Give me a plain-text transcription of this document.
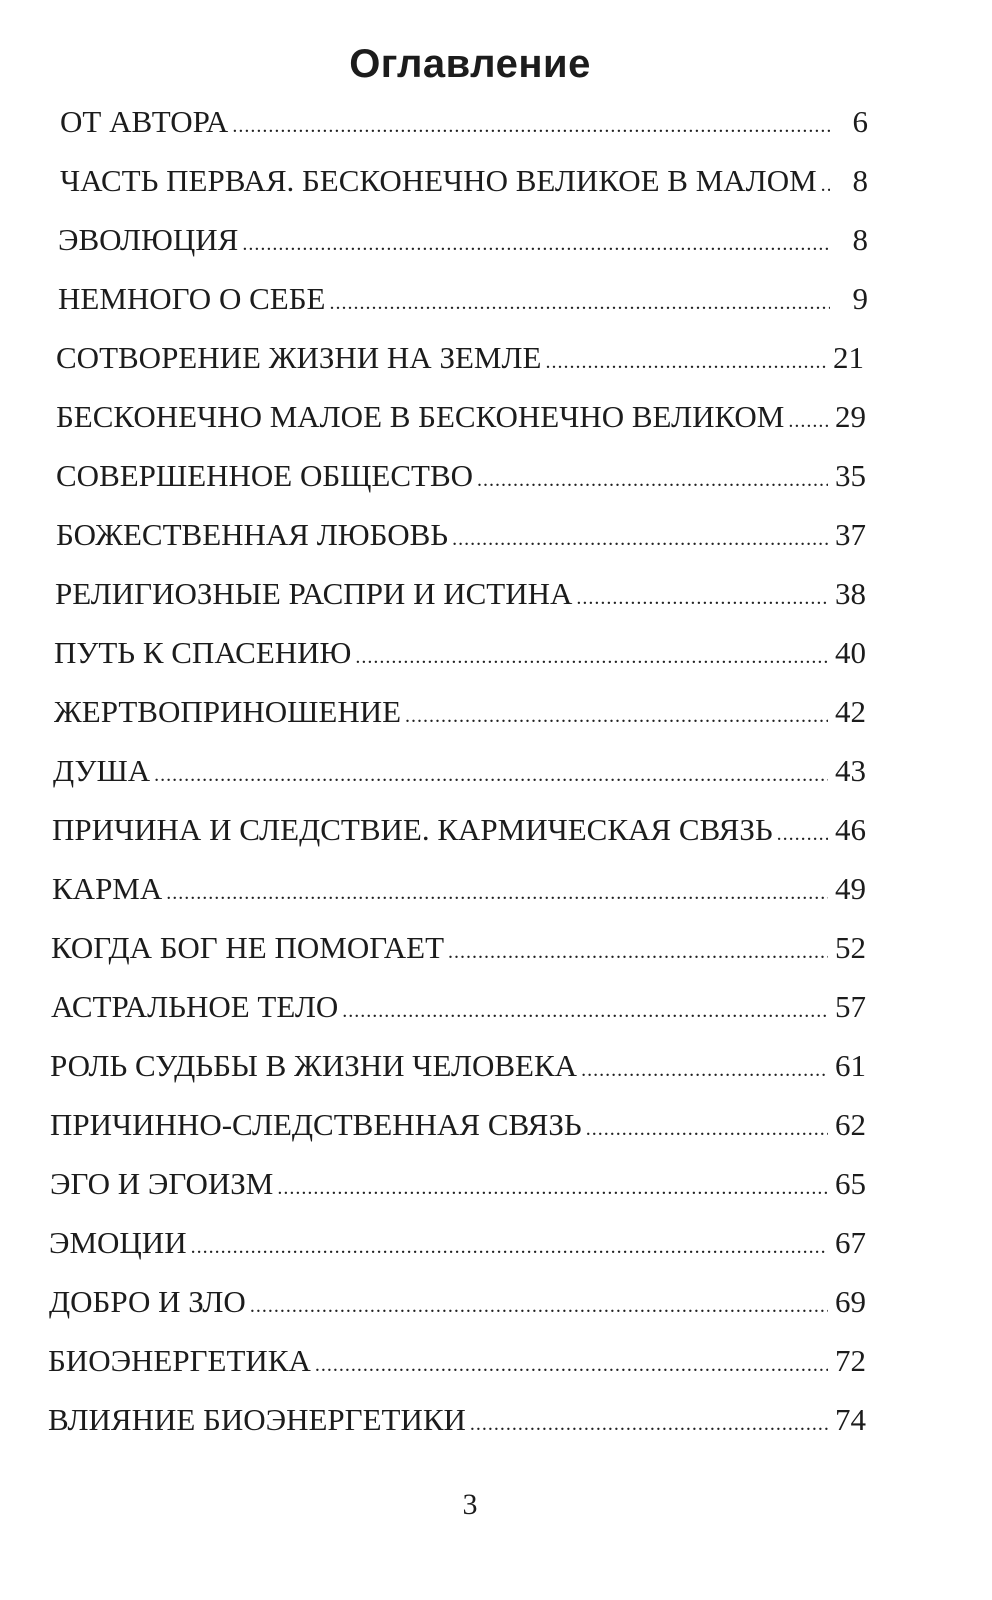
Оглавление
ОТ АВТОРА .....	6
ЧАСТЬ ПЕРВАЯ. БЕСКОНЕЧНО ВЕЛИКОЕ В МАЛОМ .....	8
ЭВОЛЮЦИЯ .....	8
НЕМНОГО О СЕБЕ .....	9
СОТВОРЕНИЕ ЖИЗНИ НА ЗЕМЛЕ .....	21
БЕСКОНЕЧНО МАЛОЕ В БЕСКОНЕЧНО ВЕЛИКОМ ..... 29
СОВЕРШЕННОЕ ОБЩЕСТВО .....	35
БОЖЕСТВЕННАЯ ЛЮБОВЬ .....	37
РЕЛИГИОЗНЫЕ РАСПРИ И ИСТИНА .....	38
ПУТЬ К СПАСЕНИЮ .....	40
ЖЕРТВОПРИНОШЕНИЕ .....	42
ДУША .....	43
ПРИЧИНА И СЛЕДСТВИЕ. КАРМИЧЕСКАЯ СВЯЗЬ ..... 46
КАРМА .....	49
КОГДА БОГ НЕ ПОМОГАЕТ .....	52
АСТРАЛЬНОЕ ТЕЛО .....	57
РОЛЬ СУДЬБЫ В ЖИЗНИ ЧЕЛОВЕКА .....	61
ПРИЧИННО-СЛЕДСТВЕННАЯ СВЯЗЬ .....	62
ЭГО И ЭГОИЗМ .....	65
ЭМОЦИИ .....	67
ДОБРО И ЗЛО .....	69
БИОЭНЕРГЕТИКА .....	72
ВЛИЯНИЕ БИОЭНЕРГЕТИКИ .....	74
3
